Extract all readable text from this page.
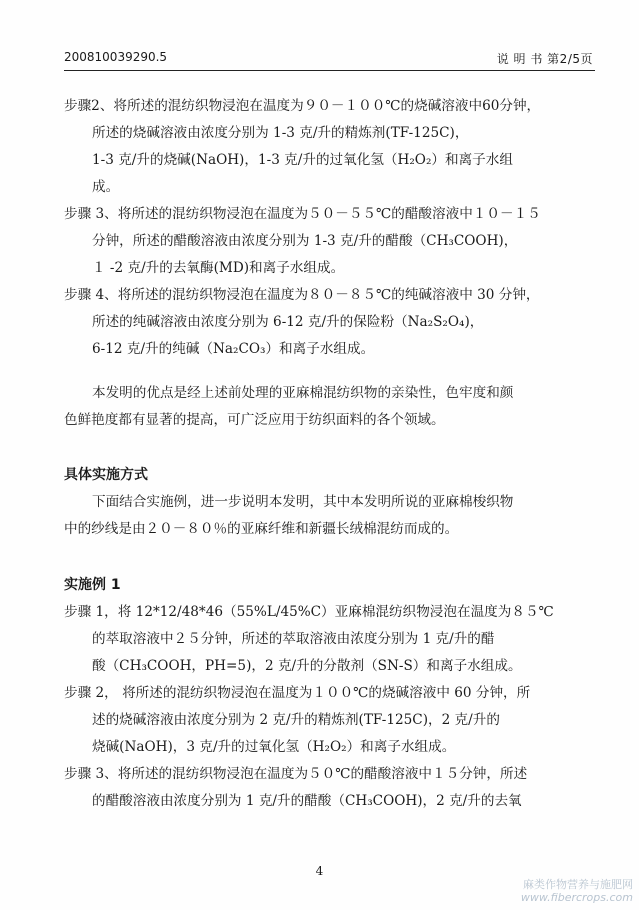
200810039290.5	说 明 书 第2/5页
步骤2、将所述的混纺织物浸泡在温度为９０－１００℃的烧碱溶液中60分钟，
所述的烧碱溶液由浓度分别为 1-3 克/升的精炼剂(TF-125C)，
1-3 克/升的烧碱(NaOH)，1-3 克/升的过氧化氢（H₂O₂）和离子水组
成。
步骤 3、将所述的混纺织物浸泡在温度为５０－５５℃的醋酸溶液中１０－１５
分钟，所述的醋酸溶液由浓度分别为 1-3 克/升的醋酸（CH₃COOH)，
１ -2 克/升的去氧酶(MD)和离子水组成。
步骤 4、将所述的混纺织物浸泡在温度为８０－８５℃的纯碱溶液中 30 分钟，
所述的纯碱溶液由浓度分别为 6-12 克/升的保险粉（Na₂S₂O₄)，
6-12 克/升的纯碱（Na₂CO₃）和离子水组成。
本发明的优点是经上述前处理的亚麻棉混纺织物的亲染性，色牢度和颜
色鲜艳度都有显著的提高，可广泛应用于纺织面料的各个领域。
具体实施方式
下面结合实施例，进一步说明本发明，其中本发明所说的亚麻棉梭织物
中的纱线是由２０－８０％的亚麻纤维和新疆长绒棉混纺而成的。
实施例 1
步骤 1，将 12*12/48*46（55%L/45%C）亚麻棉混纺织物浸泡在温度为８５℃
的萃取溶液中２５分钟，所述的萃取溶液由浓度分别为 1 克/升的醋
酸（CH₃COOH，PH=5)，2 克/升的分散剂（SN-S）和离子水组成。
步骤 2， 将所述的混纺织物浸泡在温度为１００℃的烧碱溶液中 60 分钟，所
述的烧碱溶液由浓度分别为 2 克/升的精炼剂(TF-125C)，2 克/升的
烧碱(NaOH)，3 克/升的过氧化氢（H₂O₂）和离子水组成。
步骤 3、将所述的混纺织物浸泡在温度为５０℃的醋酸溶液中１５分钟，所述
的醋酸溶液由浓度分别为 1 克/升的醋酸（CH₃COOH)，2 克/升的去氧
4
麻类作物营养与施肥网
www.fibercrops.com
